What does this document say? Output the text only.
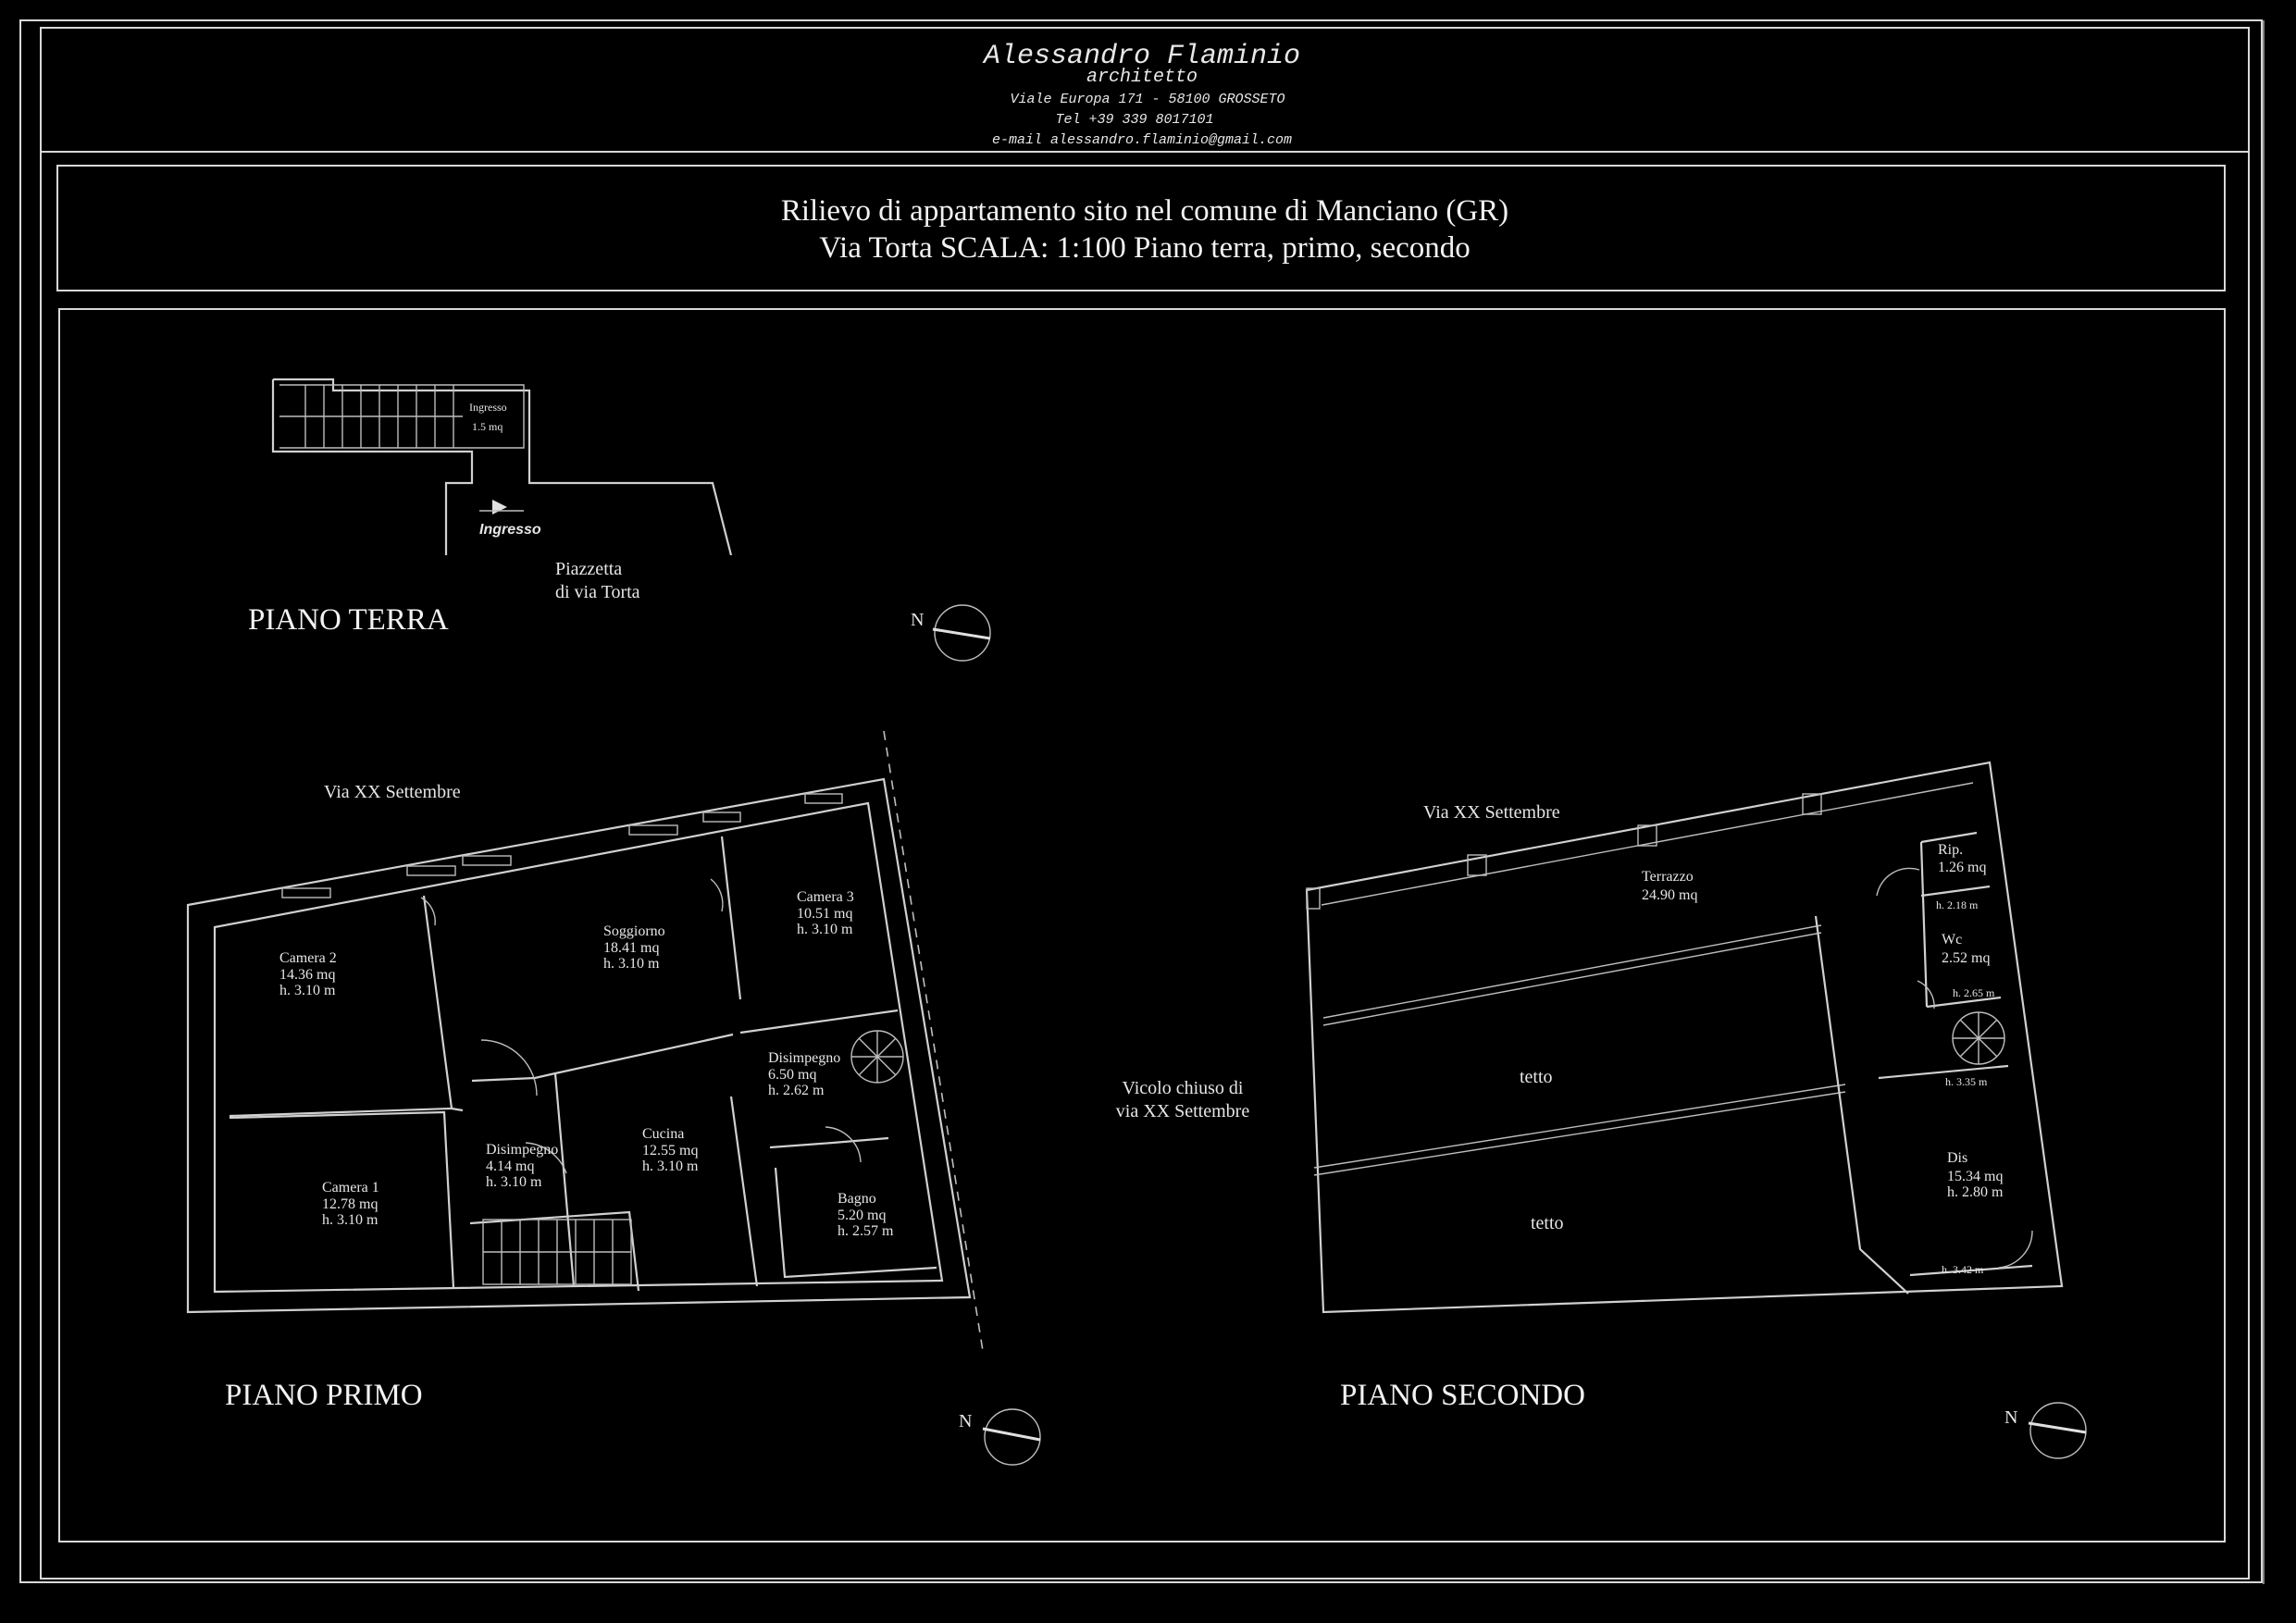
Alessandro Flaminio
architetto
Viale Europa 171 - 58100 GROSSETO
Tel +39 339 8017101
e-mail alessandro.flaminio@gmail.com
Rilievo di appartamento sito nel comune di Manciano (GR)
Via Torta SCALA: 1:100 Piano terra, primo, secondo
Ingresso
1.5 mq
Ingresso
Piazzetta
di via Torta
PIANO TERRA	N
Via XX Settembre
Camera 2
14.36 mq
h. 3.10 m
Soggiorno
18.41 mq
h. 3.10 m
Camera 3
10.51 mq
h. 3.10 m
Disimpegno
6.50 mq
h. 2.62 m
Disimpegno
4.14 mq
h. 3.10 m
Cucina
12.55 mq
h. 3.10 m
Camera 1
12.78 mq
h. 3.10 m
Bagno
5.20 mq
h. 2.57 m
PIANO PRIMO
N
Vicolo chiuso di
via XX Settembre
Via XX Settembre
Terrazzo
24.90 mq
Rip.
1.26 mq
h. 2.18 m
Wc
2.52 mq
h. 2.65 m
h. 3.35 m
Dis
15.34 mq
h. 2.80 m
h. 3.42 m
tetto
tetto
PIANO SECONDO
N
